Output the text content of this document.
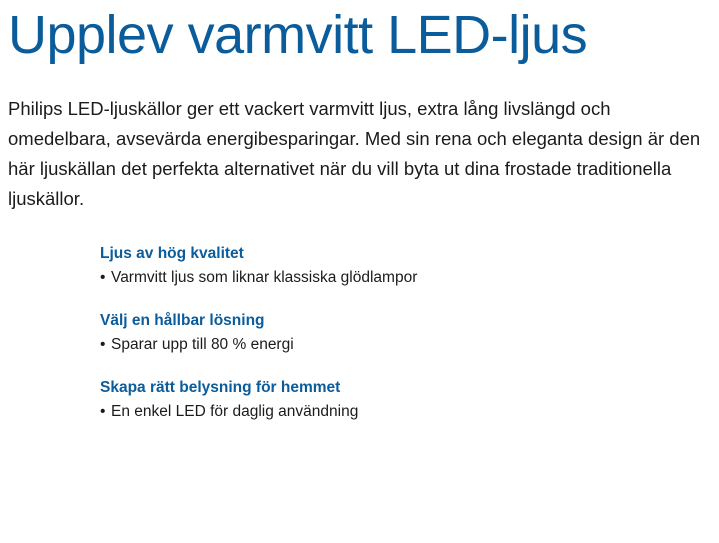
Upplev varmvitt LED-ljus

Philips LED-ljuskällor ger ett vackert varmvitt ljus, extra lång livslängd och omedelbara, avsevärda energibesparingar. Med sin rena och eleganta design är den här ljuskällan det perfekta alternativet när du vill byta ut dina frostade traditionella ljuskällor.

Ljus av hög kvalitet
• Varmvitt ljus som liknar klassiska glödlampor
Välj en hållbar lösning
• Sparar upp till 80 % energi
Skapa rätt belysning för hemmet
• En enkel LED för daglig användning
